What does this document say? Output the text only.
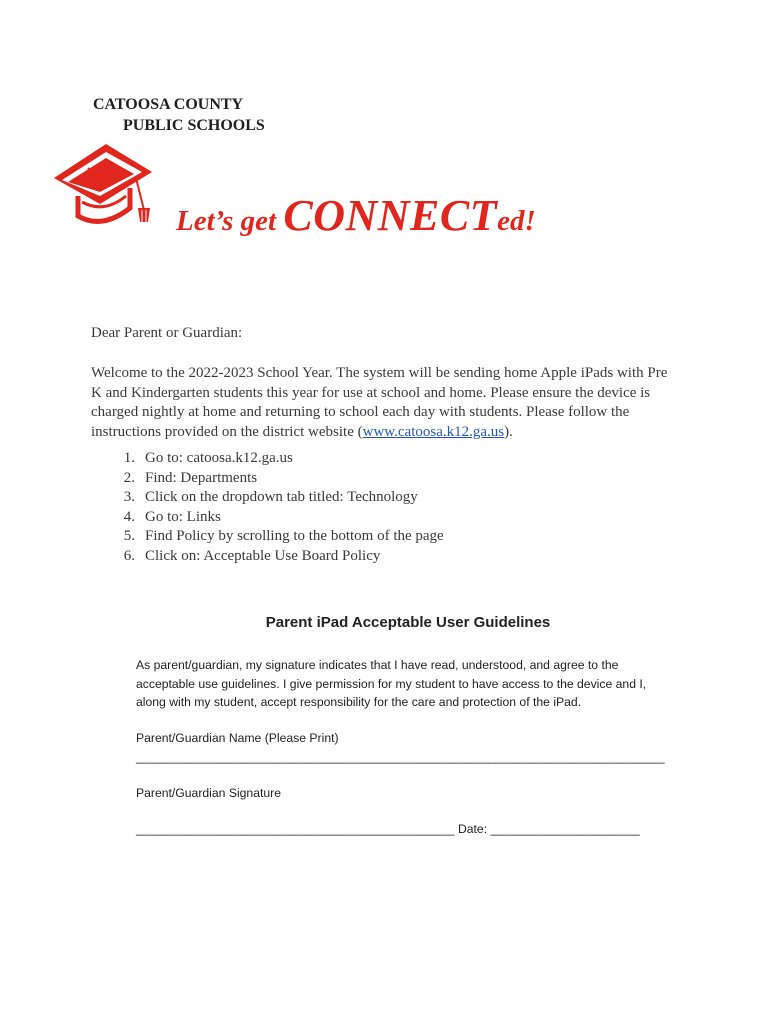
CATOOSA COUNTY
PUBLIC SCHOOLS
Let’s get CONNECTed!
Dear Parent or Guardian:
Welcome to the 2022-2023 School Year. The system will be sending home Apple iPads with Pre K and Kindergarten students this year for use at school and home. Please ensure the device is charged nightly at home and returning to school each day with students. Please follow the instructions provided on the district website (www.catoosa.k12.ga.us).
1. Go to: catoosa.k12.ga.us
2. Find: Departments
3. Click on the dropdown tab titled: Technology
4. Go to: Links
5. Find Policy by scrolling to the bottom of the page
6. Click on: Acceptable Use Board Policy
Parent iPad Acceptable User Guidelines
As parent/guardian, my signature indicates that I have read, understood, and agree to the acceptable use guidelines. I give permission for my student to have access to the device and I, along with my student, accept responsibility for the care and protection of the iPad.
Parent/Guardian Name (Please Print)
______________________________________________________________________________
Parent/Guardian Signature
_______________________________________________ Date: ______________________
